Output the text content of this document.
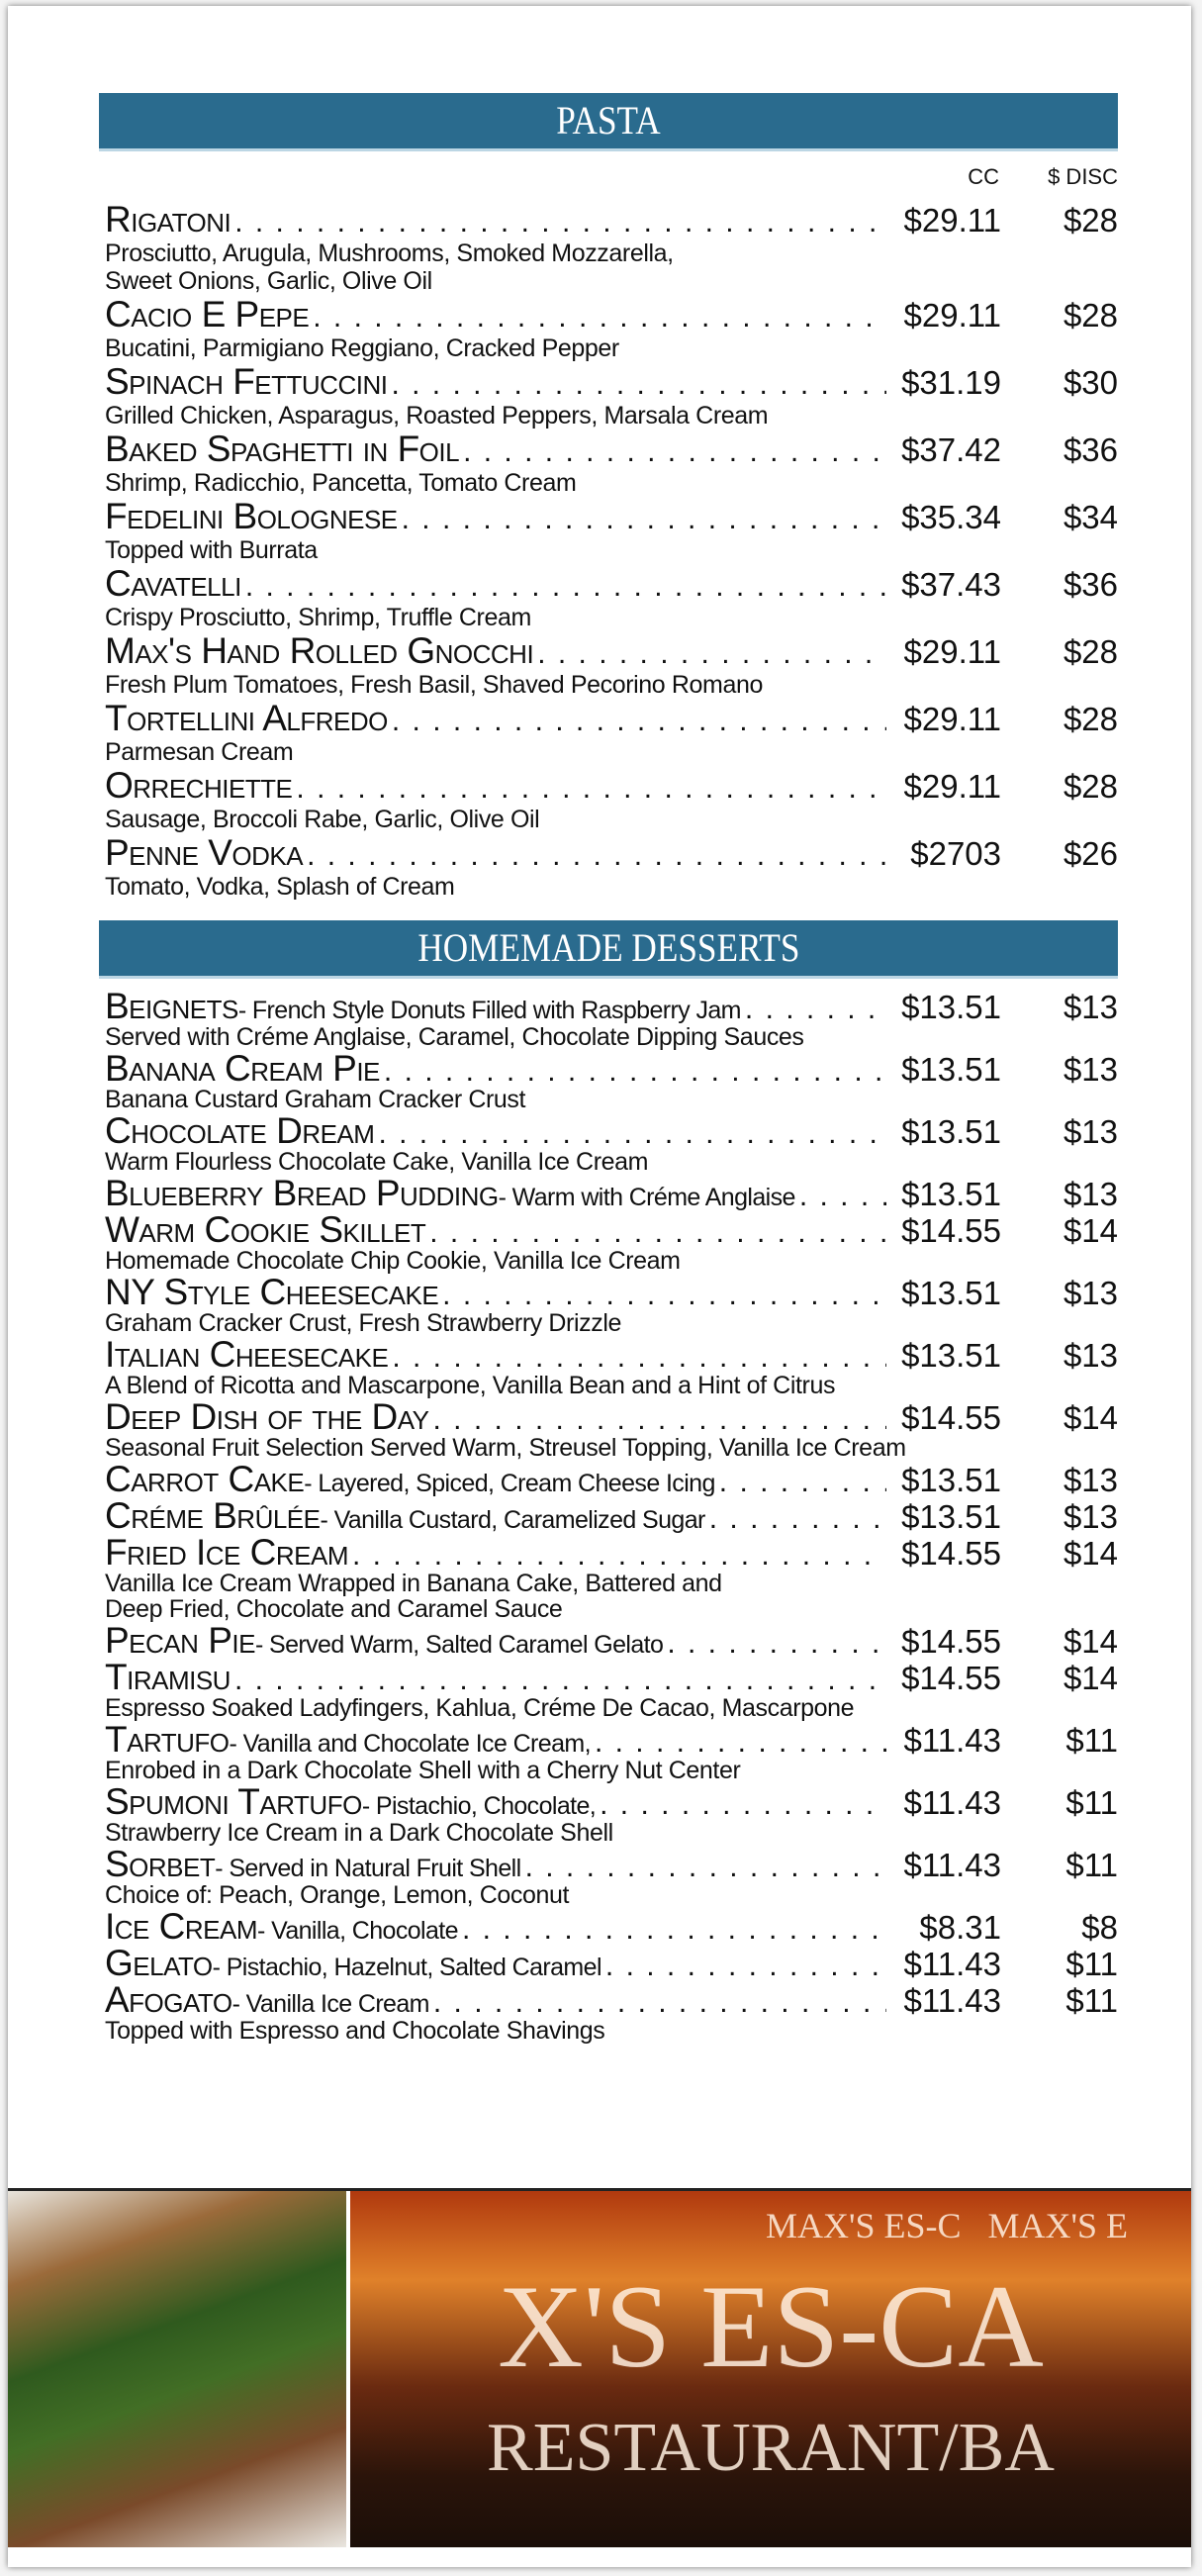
PASTA
CC $ DISC
Rigatoni . . .	$29.11	$28
Prosciutto, Arugula, Mushrooms, Smoked Mozzarella,
Sweet Onions, Garlic, Olive Oil
Cacio E Pepe . . .	$29.11	$28
Bucatini, Parmigiano Reggiano, Cracked Pepper
Spinach Fettuccini . . .	$31.19	$30
Grilled Chicken, Asparagus, Roasted Peppers, Marsala Cream
Baked Spaghetti in Foil . . .	$37.42	$36
Shrimp, Radicchio, Pancetta, Tomato Cream
Fedelini Bolognese . . .	$35.34	$34
Topped with Burrata
Cavatelli . . .	$37.43	$36
Crispy Prosciutto, Shrimp, Truffle Cream
Max's Hand Rolled Gnocchi . . .	$29.11	$28
Fresh Plum Tomatoes, Fresh Basil, Shaved Pecorino Romano
Tortellini Alfredo . . .	$29.11	$28
Parmesan Cream
Orrechiette . . .	$29.11	$28
Sausage, Broccoli Rabe, Garlic, Olive Oil
Penne Vodka . . .	$2703	$26
Tomato, Vodka, Splash of Cream
HOMEMADE DESSERTS
Beignets - French Style Donuts Filled with Raspberry Jam . . .	$13.51	$13
Served with Créme Anglaise, Caramel, Chocolate Dipping Sauces
Banana Cream Pie . . .	$13.51	$13
Banana Custard Graham Cracker Crust
Chocolate Dream . . .	$13.51	$13
Warm Flourless Chocolate Cake, Vanilla Ice Cream
Blueberry Bread Pudding - Warm with Créme Anglaise . . .	$13.51	$13
Warm Cookie Skillet . . .	$14.55	$14
Homemade Chocolate Chip Cookie, Vanilla Ice Cream
NY Style Cheesecake . . .	$13.51	$13
Graham Cracker Crust, Fresh Strawberry Drizzle
Italian Cheesecake . . .	$13.51	$13
A Blend of Ricotta and Mascarpone, Vanilla Bean and a Hint of Citrus
Deep Dish of the Day . . .	$14.55	$14
Seasonal Fruit Selection Served Warm, Streusel Topping, Vanilla Ice Cream
Carrot Cake - Layered, Spiced, Cream Cheese Icing . . .	$13.51	$13
Créme Brûlée - Vanilla Custard, Caramelized Sugar . . .	$13.51	$13
Fried Ice Cream . . .	$14.55	$14
Vanilla Ice Cream Wrapped in Banana Cake, Battered and
Deep Fried, Chocolate and Caramel Sauce
Pecan Pie - Served Warm, Salted Caramel Gelato . . .	$14.55	$14
Tiramisu . . .	$14.55	$14
Espresso Soaked Ladyfingers, Kahlua, Créme De Cacao, Mascarpone
Tartufo - Vanilla and Chocolate Ice Cream, . . .	$11.43	$11
Enrobed in a Dark Chocolate Shell with a Cherry Nut Center
Spumoni Tartufo - Pistachio, Chocolate, . . .	$11.43	$11
Strawberry Ice Cream in a Dark Chocolate Shell
Sorbet - Served in Natural Fruit Shell . . .	$11.43	$11
Choice of: Peach, Orange, Lemon, Coconut
Ice Cream - Vanilla, Chocolate . . .	$8.31	$8
Gelato - Pistachio, Hazelnut, Salted Caramel . . .	$11.43	$11
Afogato - Vanilla Ice Cream . . .	$11.43	$11
Topped with Espresso and Chocolate Shavings
MAX'S ES-C   MAX'S E
X'S ES-CA
RESTAURANT/BA
